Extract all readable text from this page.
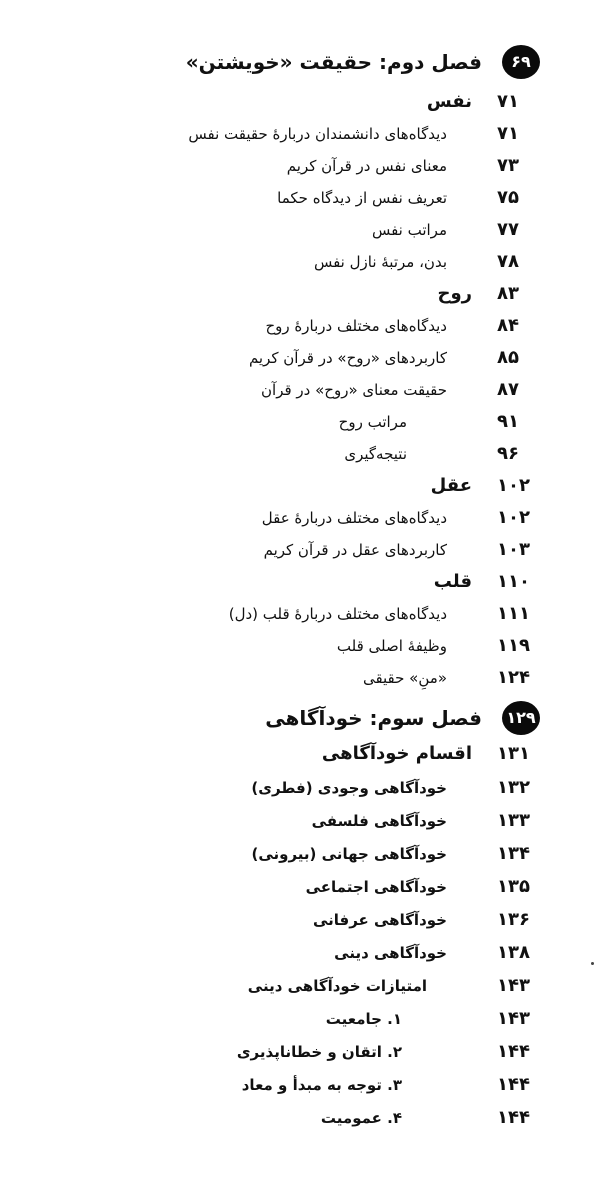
۶۹
فصل دوم: حقیقت «خویشتن»
۷۱
نفس
۷۱
دیدگاه‌های دانشمندان دربارهٔ حقیقت نفس
۷۳
معنای نفس در قرآن کریم
۷۵
تعریف نفس از دیدگاه حکما
۷۷
مراتب نفس
۷۸
بدن، مرتبهٔ نازل نفس
۸۳
روح
۸۴
دیدگاه‌های مختلف دربارهٔ روح
۸۵
کاربردهای «روح» در قرآن کریم
۸۷
حقیقت معنای «روح» در قرآن
۹۱
مراتب روح
۹۶
نتیجه‌گیری
۱۰۲
عقل
۱۰۲
دیدگاه‌های مختلف دربارهٔ عقل
۱۰۳
کاربردهای عقل در قرآن کریم
۱۱۰
قلب
۱۱۱
دیدگاه‌های مختلف دربارهٔ قلب (دل)
۱۱۹
وظیفهٔ اصلی قلب
۱۲۴
«منِ» حقیقی
۱۲۹
فصل سوم: خودآگاهی
۱۳۱
اقسام خودآگاهی
۱۳۲
خودآگاهی وجودی (فطری)
۱۳۳
خودآگاهی فلسفی
۱۳۴
خودآگاهی جهانی (بیرونی)
۱۳۵
خودآگاهی اجتماعی
۱۳۶
خودآگاهی عرفانی
۱۳۸
خودآگاهی دینی
۱۴۳
امتیازات خودآگاهی دینی
۱۴۳
۱. جامعیت
۱۴۴
۲. اتقان و خطاناپذیری
۱۴۴
۳. توجه به مبدأ و معاد
۱۴۴
۴. عمومیت
